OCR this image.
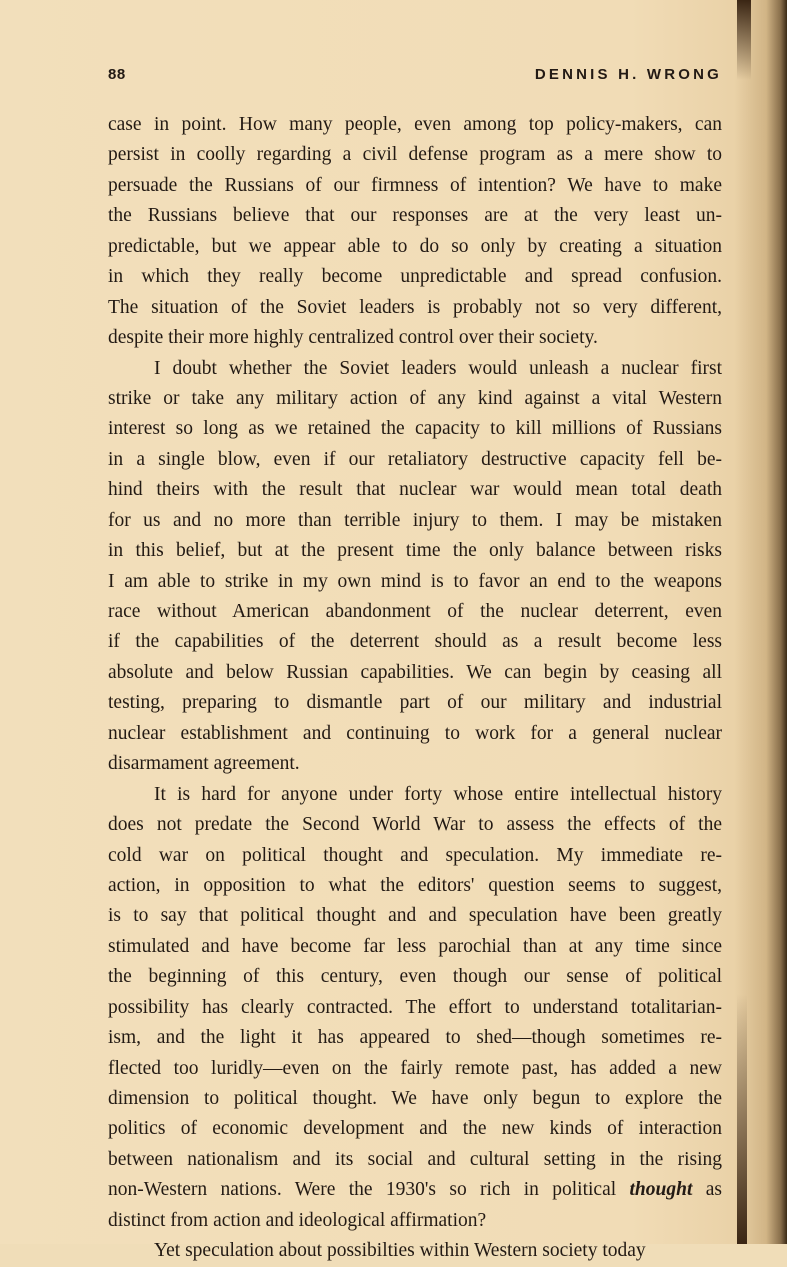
88	DENNIS H. WRONG
case in point. How many people, even among top policy-makers, can
persist in coolly regarding a civil defense program as a mere show to
persuade the Russians of our firmness of intention? We have to make
the Russians believe that our responses are at the very least un-
predictable, but we appear able to do so only by creating a situation
in which they really become unpredictable and spread confusion.
The situation of the Soviet leaders is probably not so very different,
despite their more highly centralized control over their society.
I doubt whether the Soviet leaders would unleash a nuclear first
strike or take any military action of any kind against a vital Western
interest so long as we retained the capacity to kill millions of Russians
in a single blow, even if our retaliatory destructive capacity fell be-
hind theirs with the result that nuclear war would mean total death
for us and no more than terrible injury to them. I may be mistaken
in this belief, but at the present time the only balance between risks
I am able to strike in my own mind is to favor an end to the weapons
race without American abandonment of the nuclear deterrent, even
if the capabilities of the deterrent should as a result become less
absolute and below Russian capabilities. We can begin by ceasing all
testing, preparing to dismantle part of our military and industrial
nuclear establishment and continuing to work for a general nuclear
disarmament agreement.
It is hard for anyone under forty whose entire intellectual history
does not predate the Second World War to assess the effects of the
cold war on political thought and speculation. My immediate re-
action, in opposition to what the editors' question seems to suggest,
is to say that political thought and and speculation have been greatly
stimulated and have become far less parochial than at any time since
the beginning of this century, even though our sense of political
possibility has clearly contracted. The effort to understand totalitarian-
ism, and the light it has appeared to shed—though sometimes re-
flected too luridly—even on the fairly remote past, has added a new
dimension to political thought. We have only begun to explore the
politics of economic development and the new kinds of interaction
between nationalism and its social and cultural setting in the rising
non-Western nations. Were the 1930's so rich in political thought as
distinct from action and ideological affirmation?
Yet speculation about possibilties within Western society today
